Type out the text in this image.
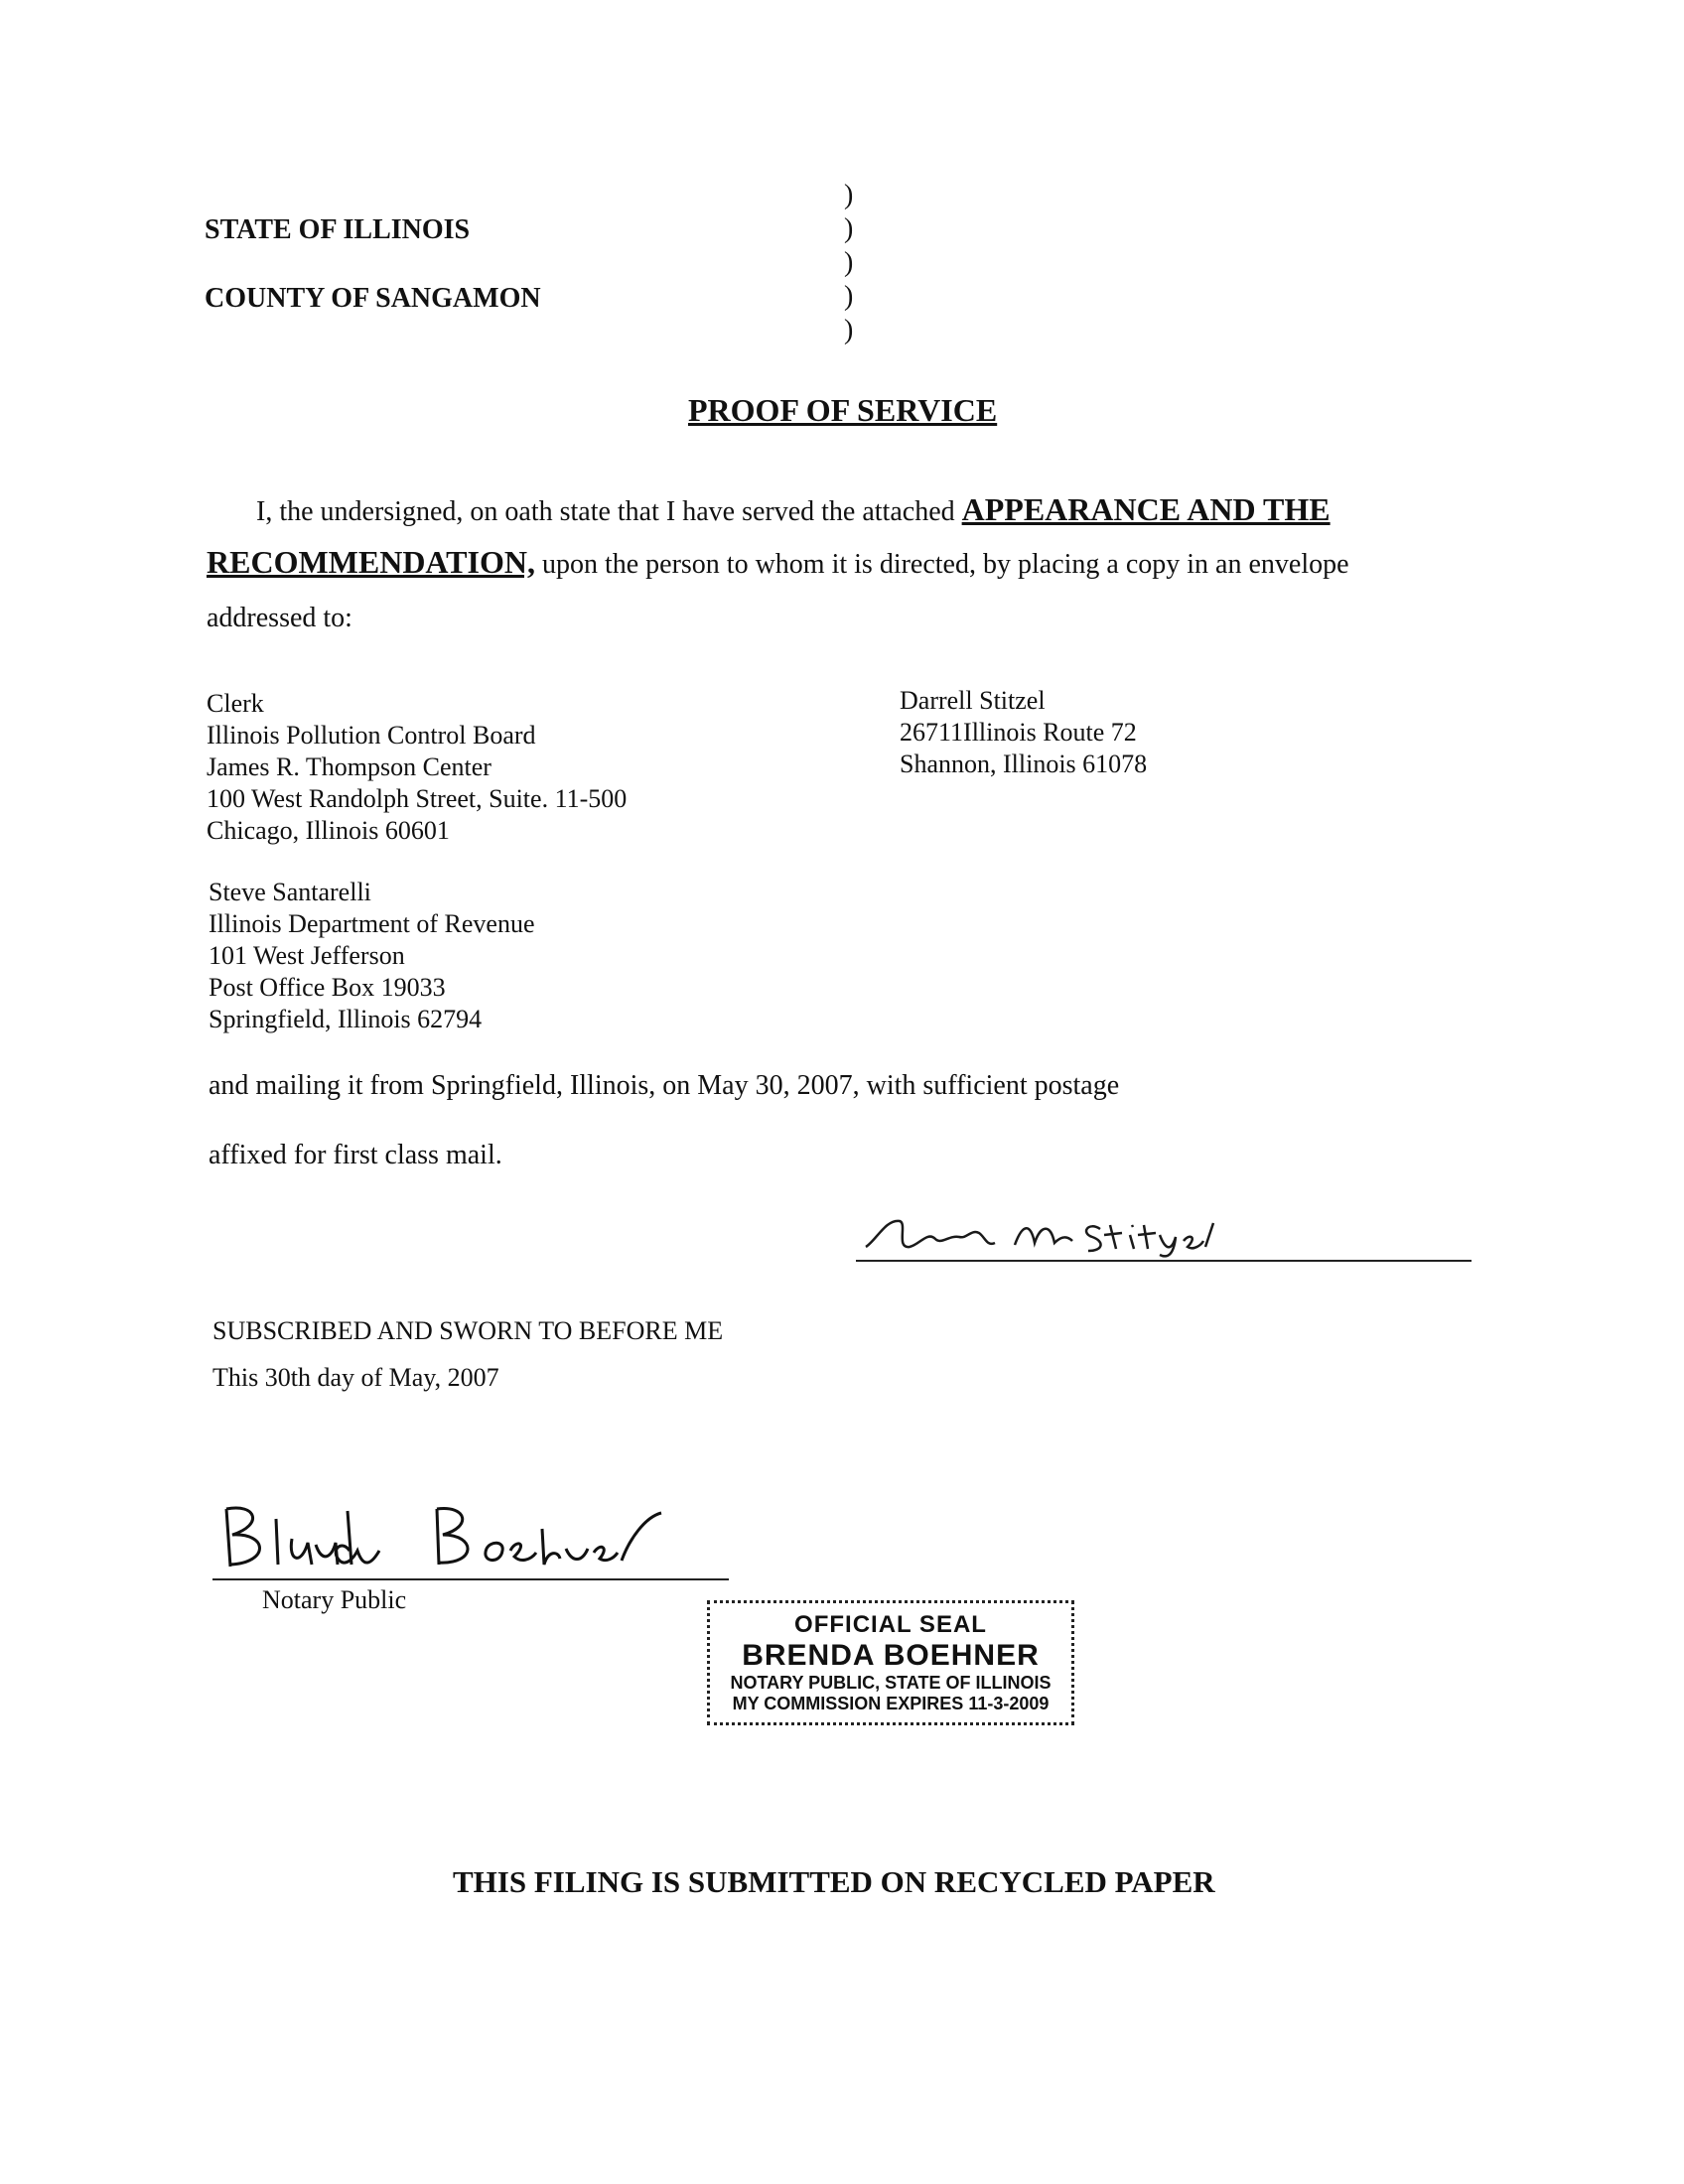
STATE OF ILLINOIS
COUNTY OF SANGAMON
)
)
)
)
)
PROOF OF SERVICE
I, the undersigned, on oath state that I have served the attached APPEARANCE AND THE
RECOMMENDATION, upon the person to whom it is directed, by placing a copy in an envelope
addressed to:
Clerk
Illinois Pollution Control Board
James R. Thompson Center
100 West Randolph Street, Suite. 11-500
Chicago, Illinois 60601
Darrell Stitzel
26711Illinois Route 72
Shannon, Illinois 61078
Steve Santarelli
Illinois Department of Revenue
101 West Jefferson
Post Office Box 19033
Springfield, Illinois 62794
and mailing it from Springfield, Illinois, on May 30, 2007, with sufficient postage
affixed for first class mail.
SUBSCRIBED AND SWORN TO BEFORE ME
This 30th day of May, 2007
Notary Public
OFFICIAL SEAL
BRENDA BOEHNER
NOTARY PUBLIC, STATE OF ILLINOIS
MY COMMISSION EXPIRES 11-3-2009
THIS FILING IS SUBMITTED ON RECYCLED PAPER
